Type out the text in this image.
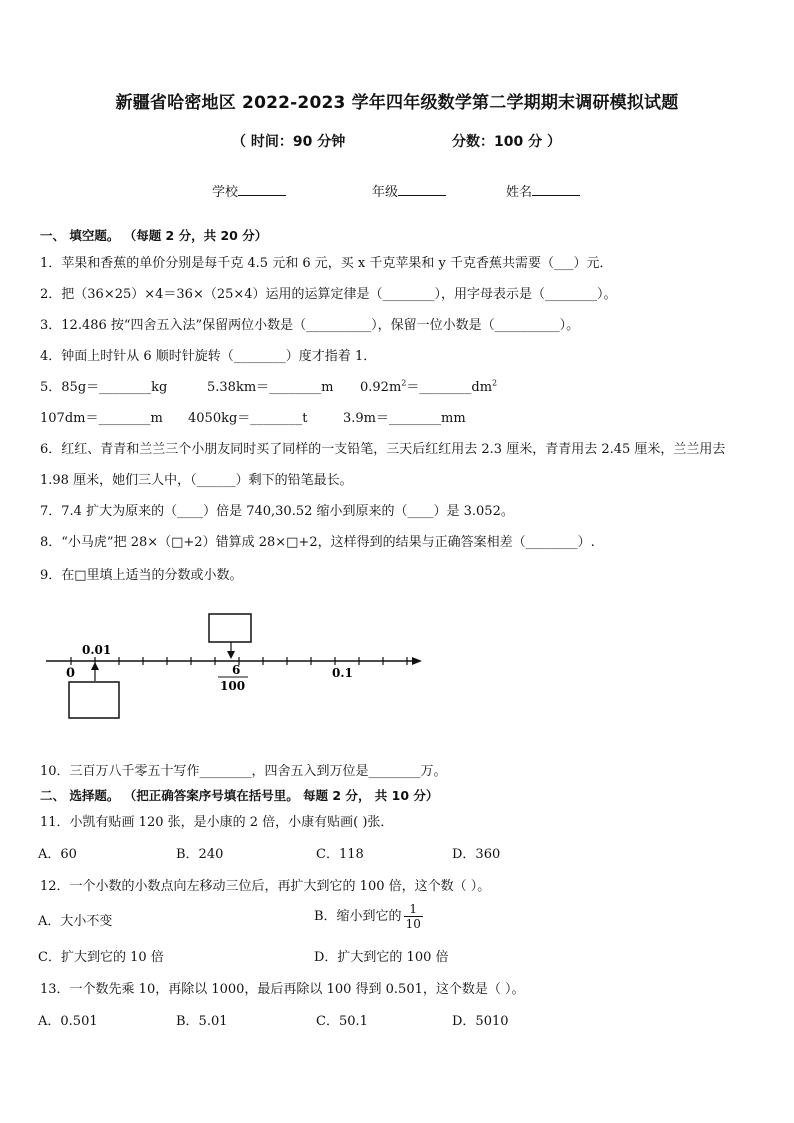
新疆省哈密地区 2022-2023 学年四年级数学第二学期期末调研模拟试题
（ 时间：90 分钟	分数：100 分 ）
学校	年级	姓名
一、 填空题。 （每题 2 分，共 20 分）
1．苹果和香蕉的单价分别是每千克 4.5 元和 6 元，买 x 千克苹果和 y 千克香蕉共需要（___）元．
2．把（36×25）×4＝36×（25×4）运用的运算定律是（________），用字母表示是（________）。
3．12.486 按“四舍五入法”保留两位小数是（__________），保留一位小数是（__________）。
4．钟面上时针从 6 顺时针旋转（________）度才指着 1．
5．85g＝________kg	5.38km＝________m $0.92m^2=\_\_\_\_\_\_\_\_dm^2$
107dm＝________m 4050kg＝________t	3.9m＝________mm
6．红红、青青和兰兰三个小朋友同时买了同样的一支铅笔，三天后红红用去 2.3 厘米，青青用去 2.45 厘米，兰兰用去
1.98 厘米，她们三人中，（______）剩下的铅笔最长。
7．7.4 扩大为原来的（____）倍是 740,30.52 缩小到原来的（____）是 3.052。
8．“小马虎”把 28×（□+2）错算成 28×□+2，这样得到的结果与正确答案相差（________）.
9．在□里填上适当的分数或小数。
0
0.01
6
100
0.1
10．三百万八千零五十写作________，四舍五入到万位是________万。
二、 选择题。 （把正确答案序号填在括号里。 每题 2 分， 共 10 分）
11．小凯有贴画 120 张，是小康的 2 倍，小康有贴画( )张．
A．60	B．240	C．118	D．360
12．一个小数的小数点向左移动三位后，再扩大到它的 100 倍，这个数（ ）。
A．大小不变	B．缩小到它的 $\frac{1}{10}$
C．扩大到它的 10 倍	D．扩大到它的 100 倍
13．一个数先乘 10，再除以 1000，最后再除以 100 得到 0.501，这个数是（ ）。
A．0.501	B．5.01	C．50.1	D．5010
